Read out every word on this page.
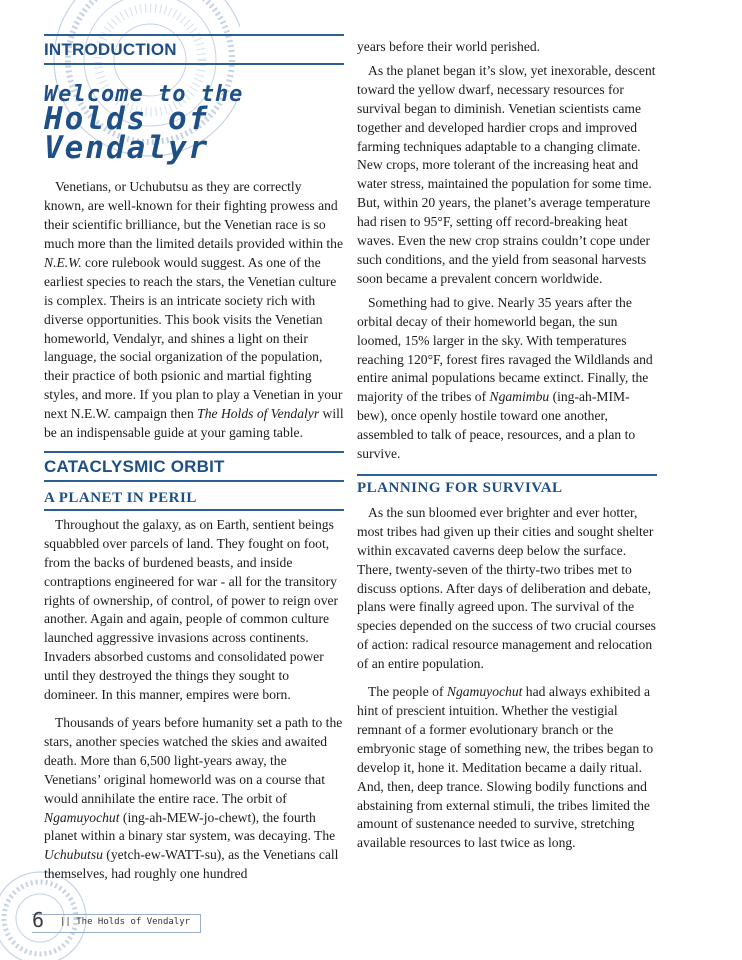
INTRODUCTION
Welcome to the
Holds of Vendalyr

Venetians, or Uchubutsu as they are correctly known, are well-known for their fighting prowess and their scientific brilliance, but the Venetian race is so much more than the limited details provided within the N.E.W. core rulebook would suggest. As one of the earliest species to reach the stars, the Venetian culture is complex. Theirs is an intricate society rich with diverse opportunities. This book visits the Venetian homeworld, Vendalyr, and shines a light on their language, the social organization of the population, their practice of both psionic and martial fighting styles, and more. If you plan to play a Venetian in your next N.E.W. campaign then The Holds of Vendalyr will be an indispensable guide at your gaming table.

CATACLYSMIC ORBIT
A PLANET IN PERIL

Throughout the galaxy, as on Earth, sentient beings squabbled over parcels of land. They fought on foot, from the backs of burdened beasts, and inside contraptions engineered for war - all for the transitory rights of ownership, of control, of power to reign over another. Again and again, people of common culture launched aggressive invasions across continents. Invaders absorbed customs and consolidated power until they destroyed the things they sought to domineer. In this manner, empires were born.

Thousands of years before humanity set a path to the stars, another species watched the skies and awaited death. More than 6,500 light-years away, the Venetians’ original homeworld was on a course that would annihilate the entire race. The orbit of Ngamuyochut (ing-ah-MEW-jo-chewt), the fourth planet within a binary star system, was decaying. The Uchubutsu (yetch-ew-WATT-su), as the Venetians call themselves, had roughly one hundred

years before their world perished.

As the planet began it’s slow, yet inexorable, descent toward the yellow dwarf, necessary resources for survival began to diminish. Venetian scientists came together and developed hardier crops and improved farming techniques adaptable to a changing climate. New crops, more tolerant of the increasing heat and water stress, maintained the population for some time. But, within 20 years, the planet’s average temperature had risen to 95°F, setting off record-breaking heat waves. Even the new crop strains couldn’t cope under such conditions, and the yield from seasonal harvests soon became a prevalent concern worldwide.

Something had to give. Nearly 35 years after the orbital decay of their homeworld began, the sun loomed, 15% larger in the sky. With temperatures reaching 120°F, forest fires ravaged the Wildlands and entire animal populations became extinct. Finally, the majority of the tribes of Ngamimbu (ing-ah-MIM-bew), once openly hostile toward one another, assembled to talk of peace, resources, and a plan to survive.

PLANNING FOR SURVIVAL

As the sun bloomed ever brighter and ever hotter, most tribes had given up their cities and sought shelter within excavated caverns deep below the surface. There, twenty-seven of the thirty-two tribes met to discuss options. After days of deliberation and debate, plans were finally agreed upon. The survival of the species depended on the success of two crucial courses of action: radical resource management and relocation of an entire population.

The people of Ngamuyochut had always exhibited a hint of prescient intuition. Whether the vestigial remnant of a former evolutionary branch or the embryonic stage of something new, the tribes began to develop it, hone it. Meditation became a daily ritual. And, then, deep trance. Slowing bodily functions and abstaining from external stimuli, the tribes limited the amount of sustenance needed to survive, stretching available resources to last twice as long.

6 || The Holds of Vendalyr
